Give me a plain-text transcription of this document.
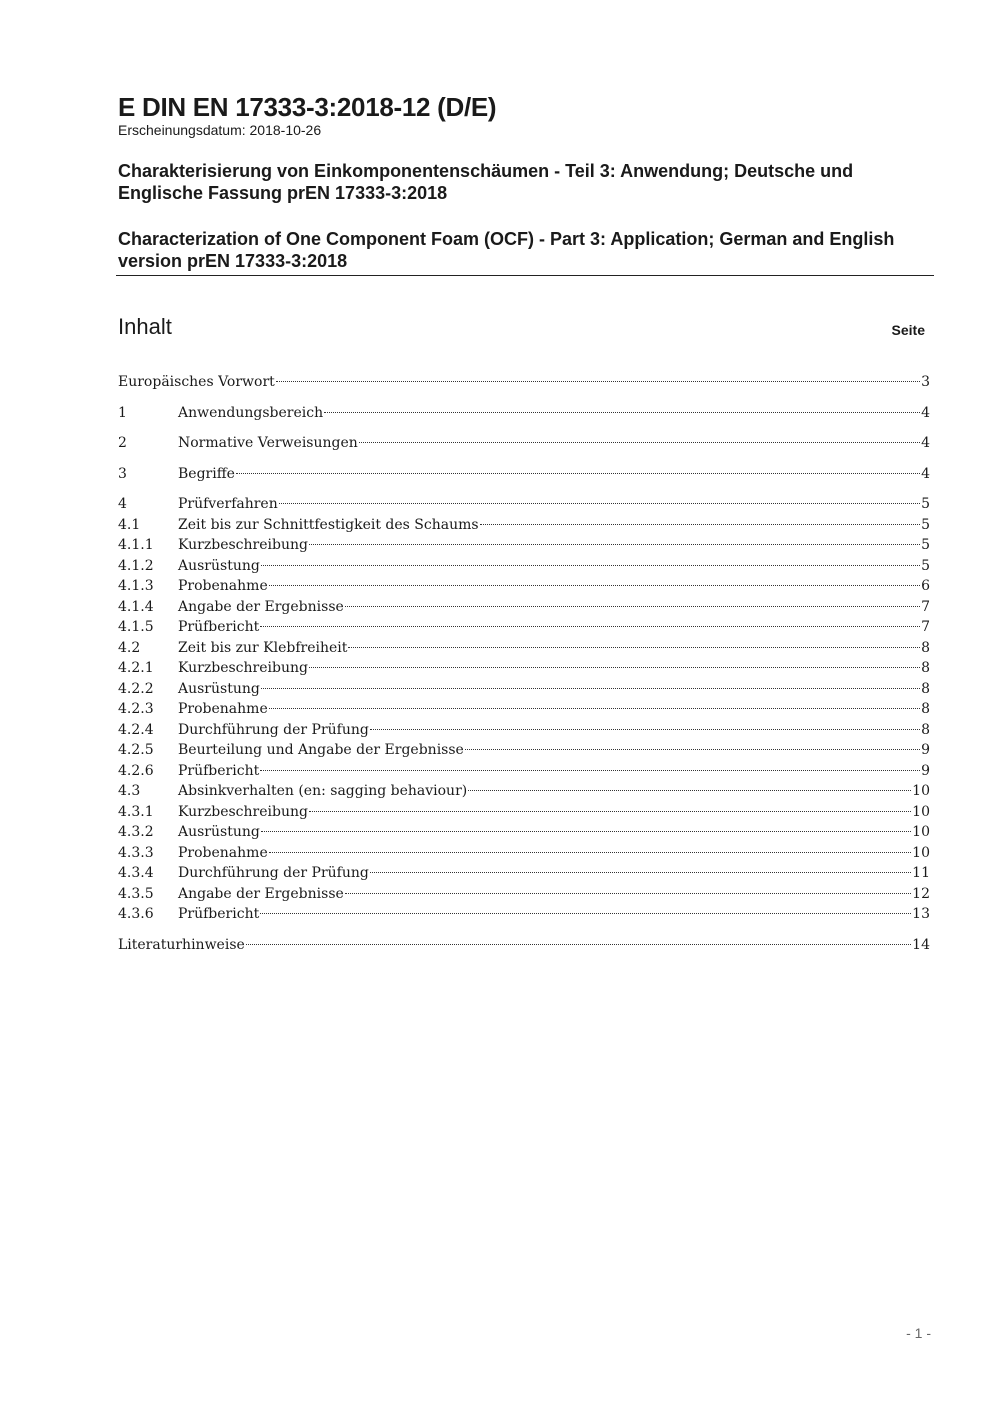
E DIN EN 17333-3:2018-12 (D/E)
Erscheinungsdatum: 2018-10-26
Charakterisierung von Einkomponentenschäumen - Teil 3: Anwendung; Deutsche und Englische Fassung prEN 17333-3:2018
Characterization of One Component Foam (OCF) - Part 3: Application; German and English version prEN 17333-3:2018
Inhalt	Seite
Europäisches Vorwort	3
1	Anwendungsbereich	4
2	Normative Verweisungen	4
3	Begriffe	4
4	Prüfverfahren	5
4.1	Zeit bis zur Schnittfestigkeit des Schaums	5
4.1.1	Kurzbeschreibung	5
4.1.2	Ausrüstung	5
4.1.3	Probenahme	6
4.1.4	Angabe der Ergebnisse	7
4.1.5	Prüfbericht	7
4.2	Zeit bis zur Klebfreiheit	8
4.2.1	Kurzbeschreibung	8
4.2.2	Ausrüstung	8
4.2.3	Probenahme	8
4.2.4	Durchführung der Prüfung	8
4.2.5	Beurteilung und Angabe der Ergebnisse	9
4.2.6	Prüfbericht	9
4.3	Absinkverhalten (en: sagging behaviour)	10
4.3.1	Kurzbeschreibung	10
4.3.2	Ausrüstung	10
4.3.3	Probenahme	10
4.3.4	Durchführung der Prüfung	11
4.3.5	Angabe der Ergebnisse	12
4.3.6	Prüfbericht	13
Literaturhinweise	14
- 1 -
